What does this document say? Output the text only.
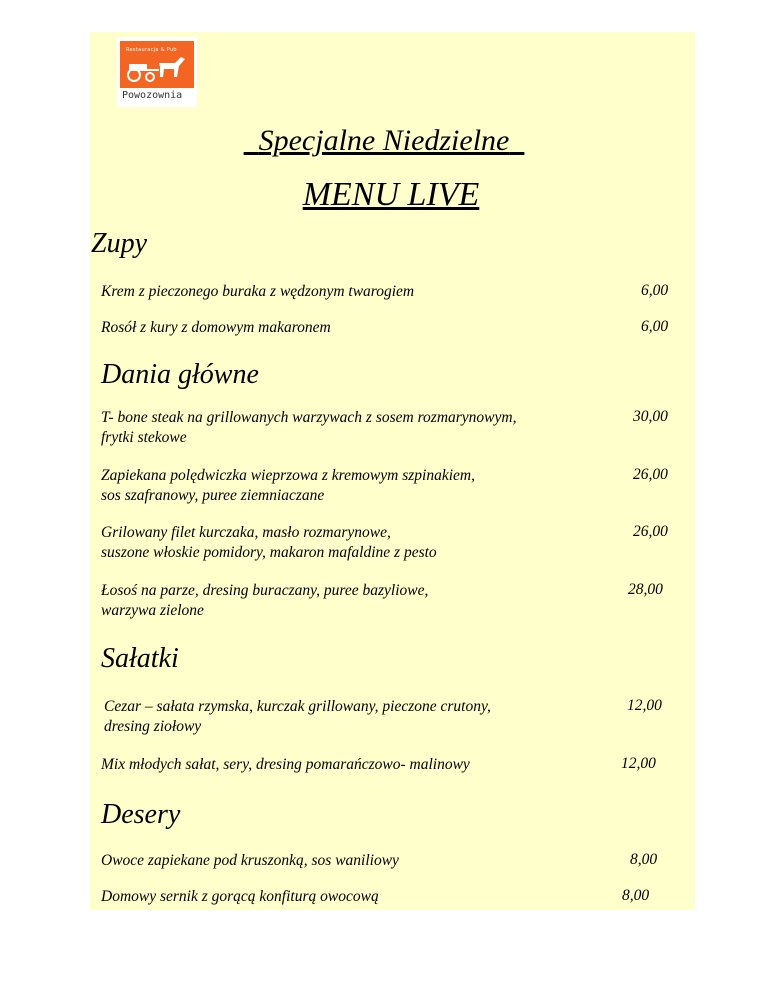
Restauracja & Pub
Powozownia
Specjalne Niedzielne
MENU LIVE
Zupy
Krem z pieczonego buraka z wędzonym twarogiem	6,00
Rosół z kury z domowym makaronem	6,00
Dania główne
T- bone steak na grillowanych warzywach z sosem rozmarynowym,
frytki stekowe
30,00
Zapiekana polędwiczka wieprzowa z kremowym szpinakiem,
sos szafranowy, puree ziemniaczane
26,00
Grilowany filet kurczaka, masło rozmarynowe,
suszone włoskie pomidory, makaron mafaldine z pesto
26,00
Łosoś na parze, dresing buraczany, puree bazyliowe,
warzywa zielone
28,00
Sałatki
Cezar – sałata rzymska, kurczak grillowany, pieczone crutony,
dresing ziołowy
12,00
Mix młodych sałat, sery, dresing pomarańczowo- malinowy	12,00
Desery
Owoce zapiekane pod kruszonką, sos waniliowy	8,00
Domowy sernik z gorącą konfiturą owocową	8,00
